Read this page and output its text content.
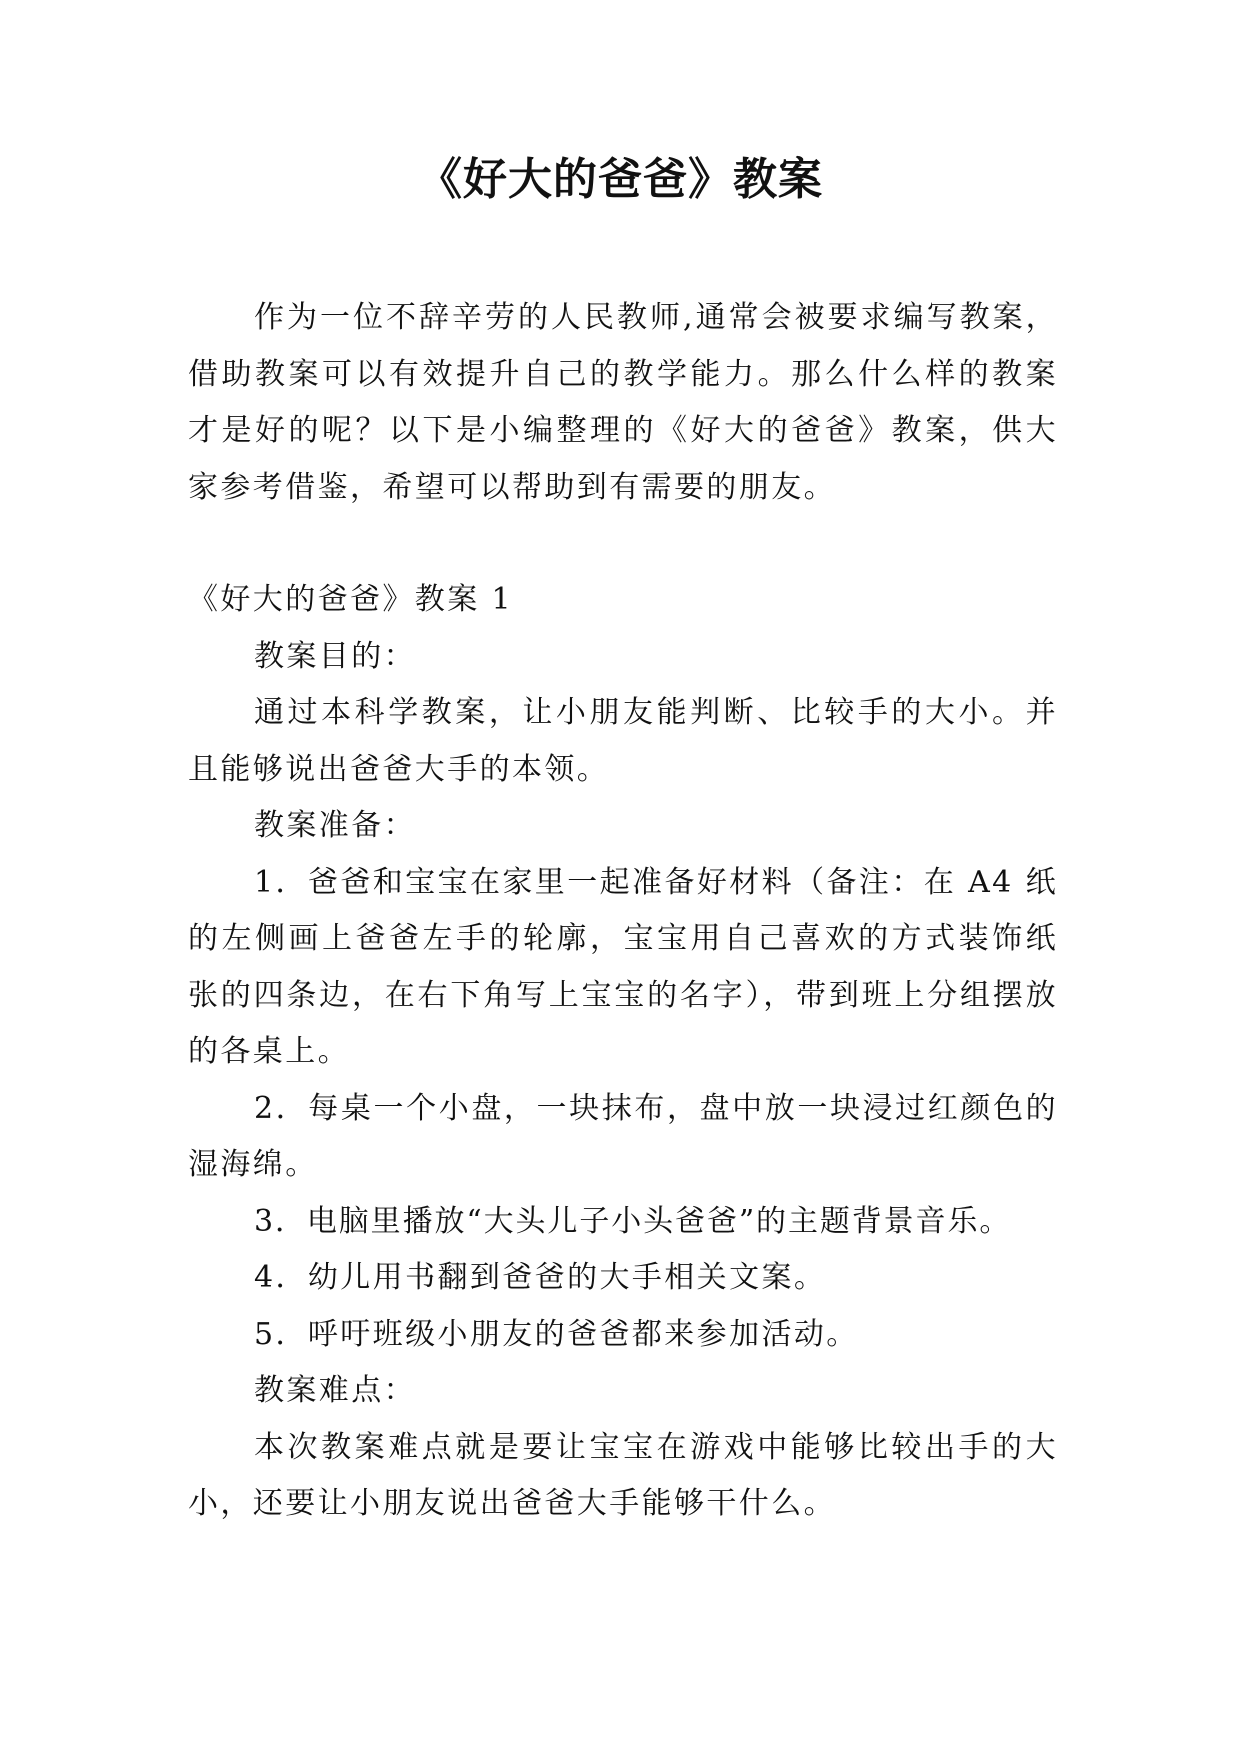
《好大的爸爸》教案

作为一位不辞辛劳的人民教师,通常会被要求编写教案，借助教案可以有效提升自己的教学能力。那么什么样的教案才是好的呢？以下是小编整理的《好大的爸爸》教案，供大家参考借鉴，希望可以帮助到有需要的朋友。

《好大的爸爸》教案 1

教案目的：

通过本科学教案，让小朋友能判断、比较手的大小。并且能够说出爸爸大手的本领。

教案准备：

1．爸爸和宝宝在家里一起准备好材料（备注：在 A4 纸的左侧画上爸爸左手的轮廓，宝宝用自己喜欢的方式装饰纸张的四条边，在右下角写上宝宝的名字），带到班上分组摆放的各桌上。

2．每桌一个小盘，一块抹布，盘中放一块浸过红颜色的湿海绵。

3．电脑里播放“大头儿子小头爸爸”的主题背景音乐。

4．幼儿用书翻到爸爸的大手相关文案。

5．呼吁班级小朋友的爸爸都来参加活动。

教案难点：

本次教案难点就是要让宝宝在游戏中能够比较出手的大小，还要让小朋友说出爸爸大手能够干什么。
